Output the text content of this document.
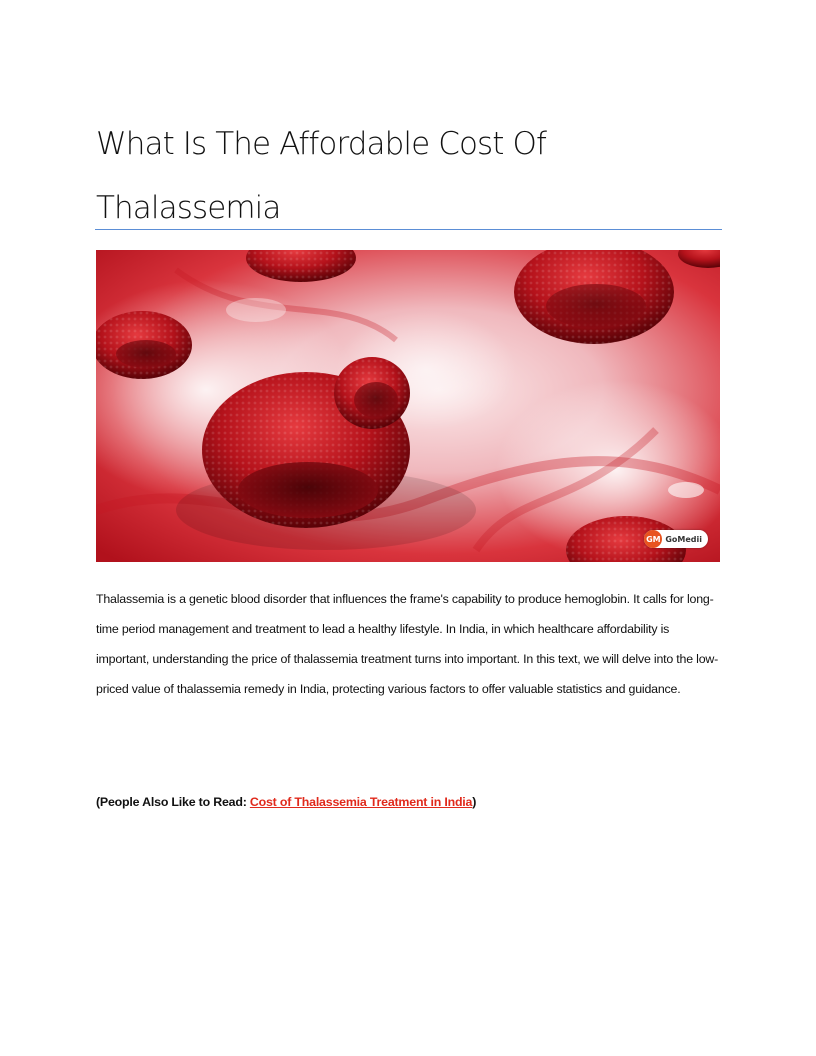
What Is The Affordable Cost Of Thalassemia

GM GoMedii

Thalassemia is a genetic blood disorder that influences the frame's capability to produce hemoglobin. It calls for long-time period management and treatment to lead a healthy lifestyle. In India, in which healthcare affordability is important, understanding the price of thalassemia treatment turns into important. In this text, we will delve into the low-priced value of thalassemia remedy in India, protecting various factors to offer valuable statistics and guidance.

(People Also Like to Read: Cost of Thalassemia Treatment in India)
